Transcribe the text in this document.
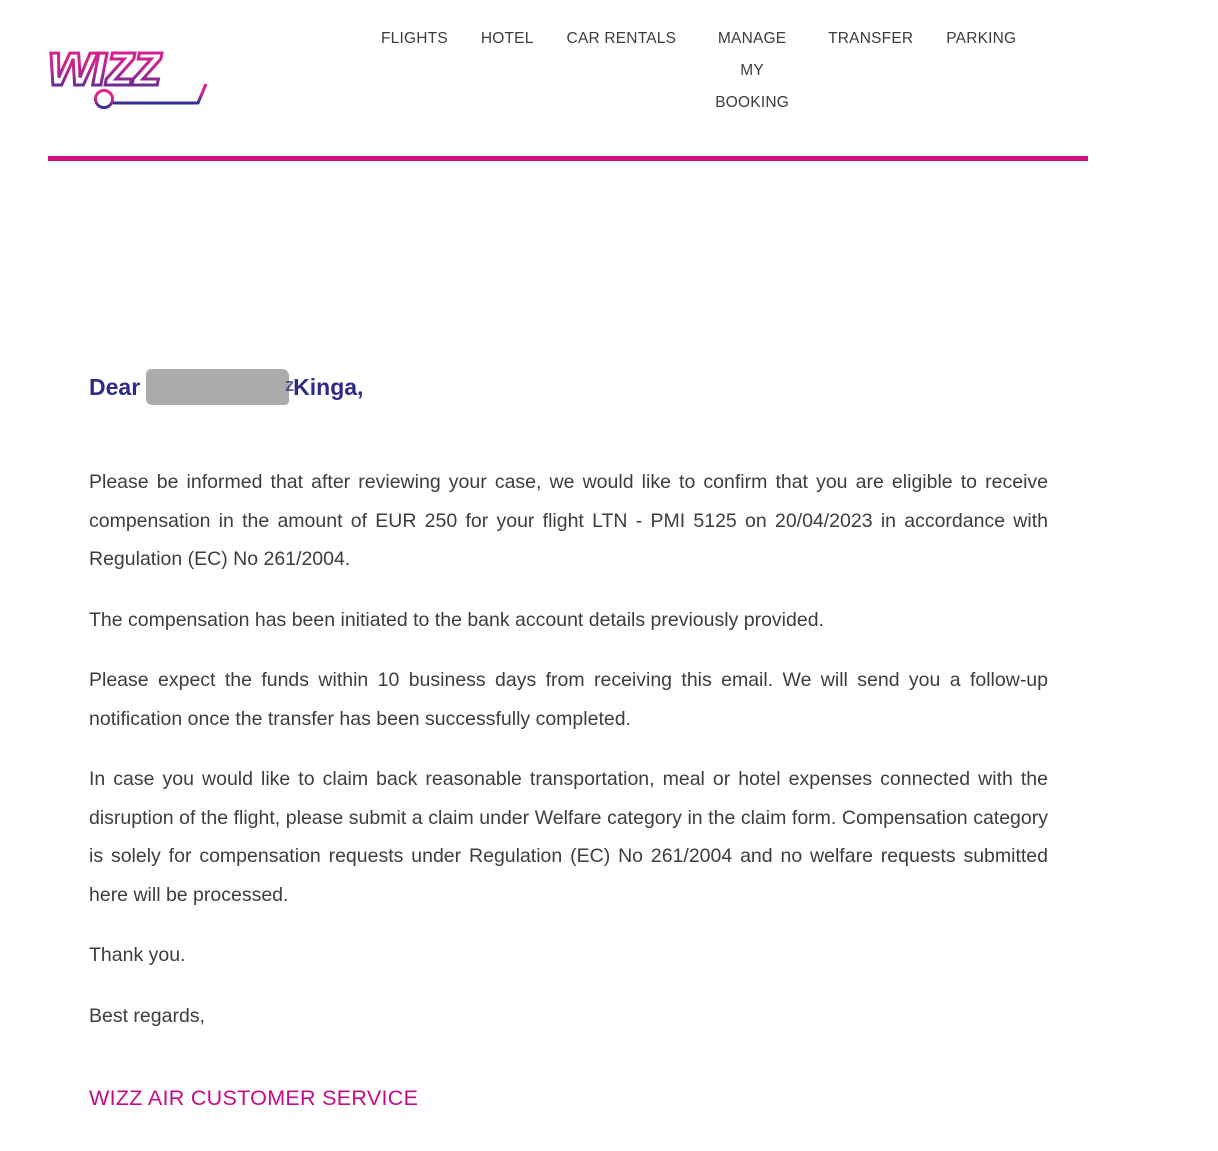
wızz	FLIGHTS HOTEL CAR RENTALS	MANAGE MY BOOKING
TRANSFER PARKING
Dear	z Kinga,

Please be informed that after reviewing your case, we would like to confirm that you are eligible to receive compensation in the amount of EUR 250 for your flight LTN - PMI 5125 on 20/04/2023 in accordance with Regulation (EC) No 261/2004.

The compensation has been initiated to the bank account details previously provided.

Please expect the funds within 10 business days from receiving this email. We will send you a follow-up notification once the transfer has been successfully completed.

In case you would like to claim back reasonable transportation, meal or hotel expenses connected with the disruption of the flight, please submit a claim under Welfare category in the claim form. Compensation category is solely for compensation requests under Regulation (EC) No 261/2004 and no welfare requests submitted here will be processed.

Thank you.

Best regards,

WIZZ AIR CUSTOMER SERVICE
